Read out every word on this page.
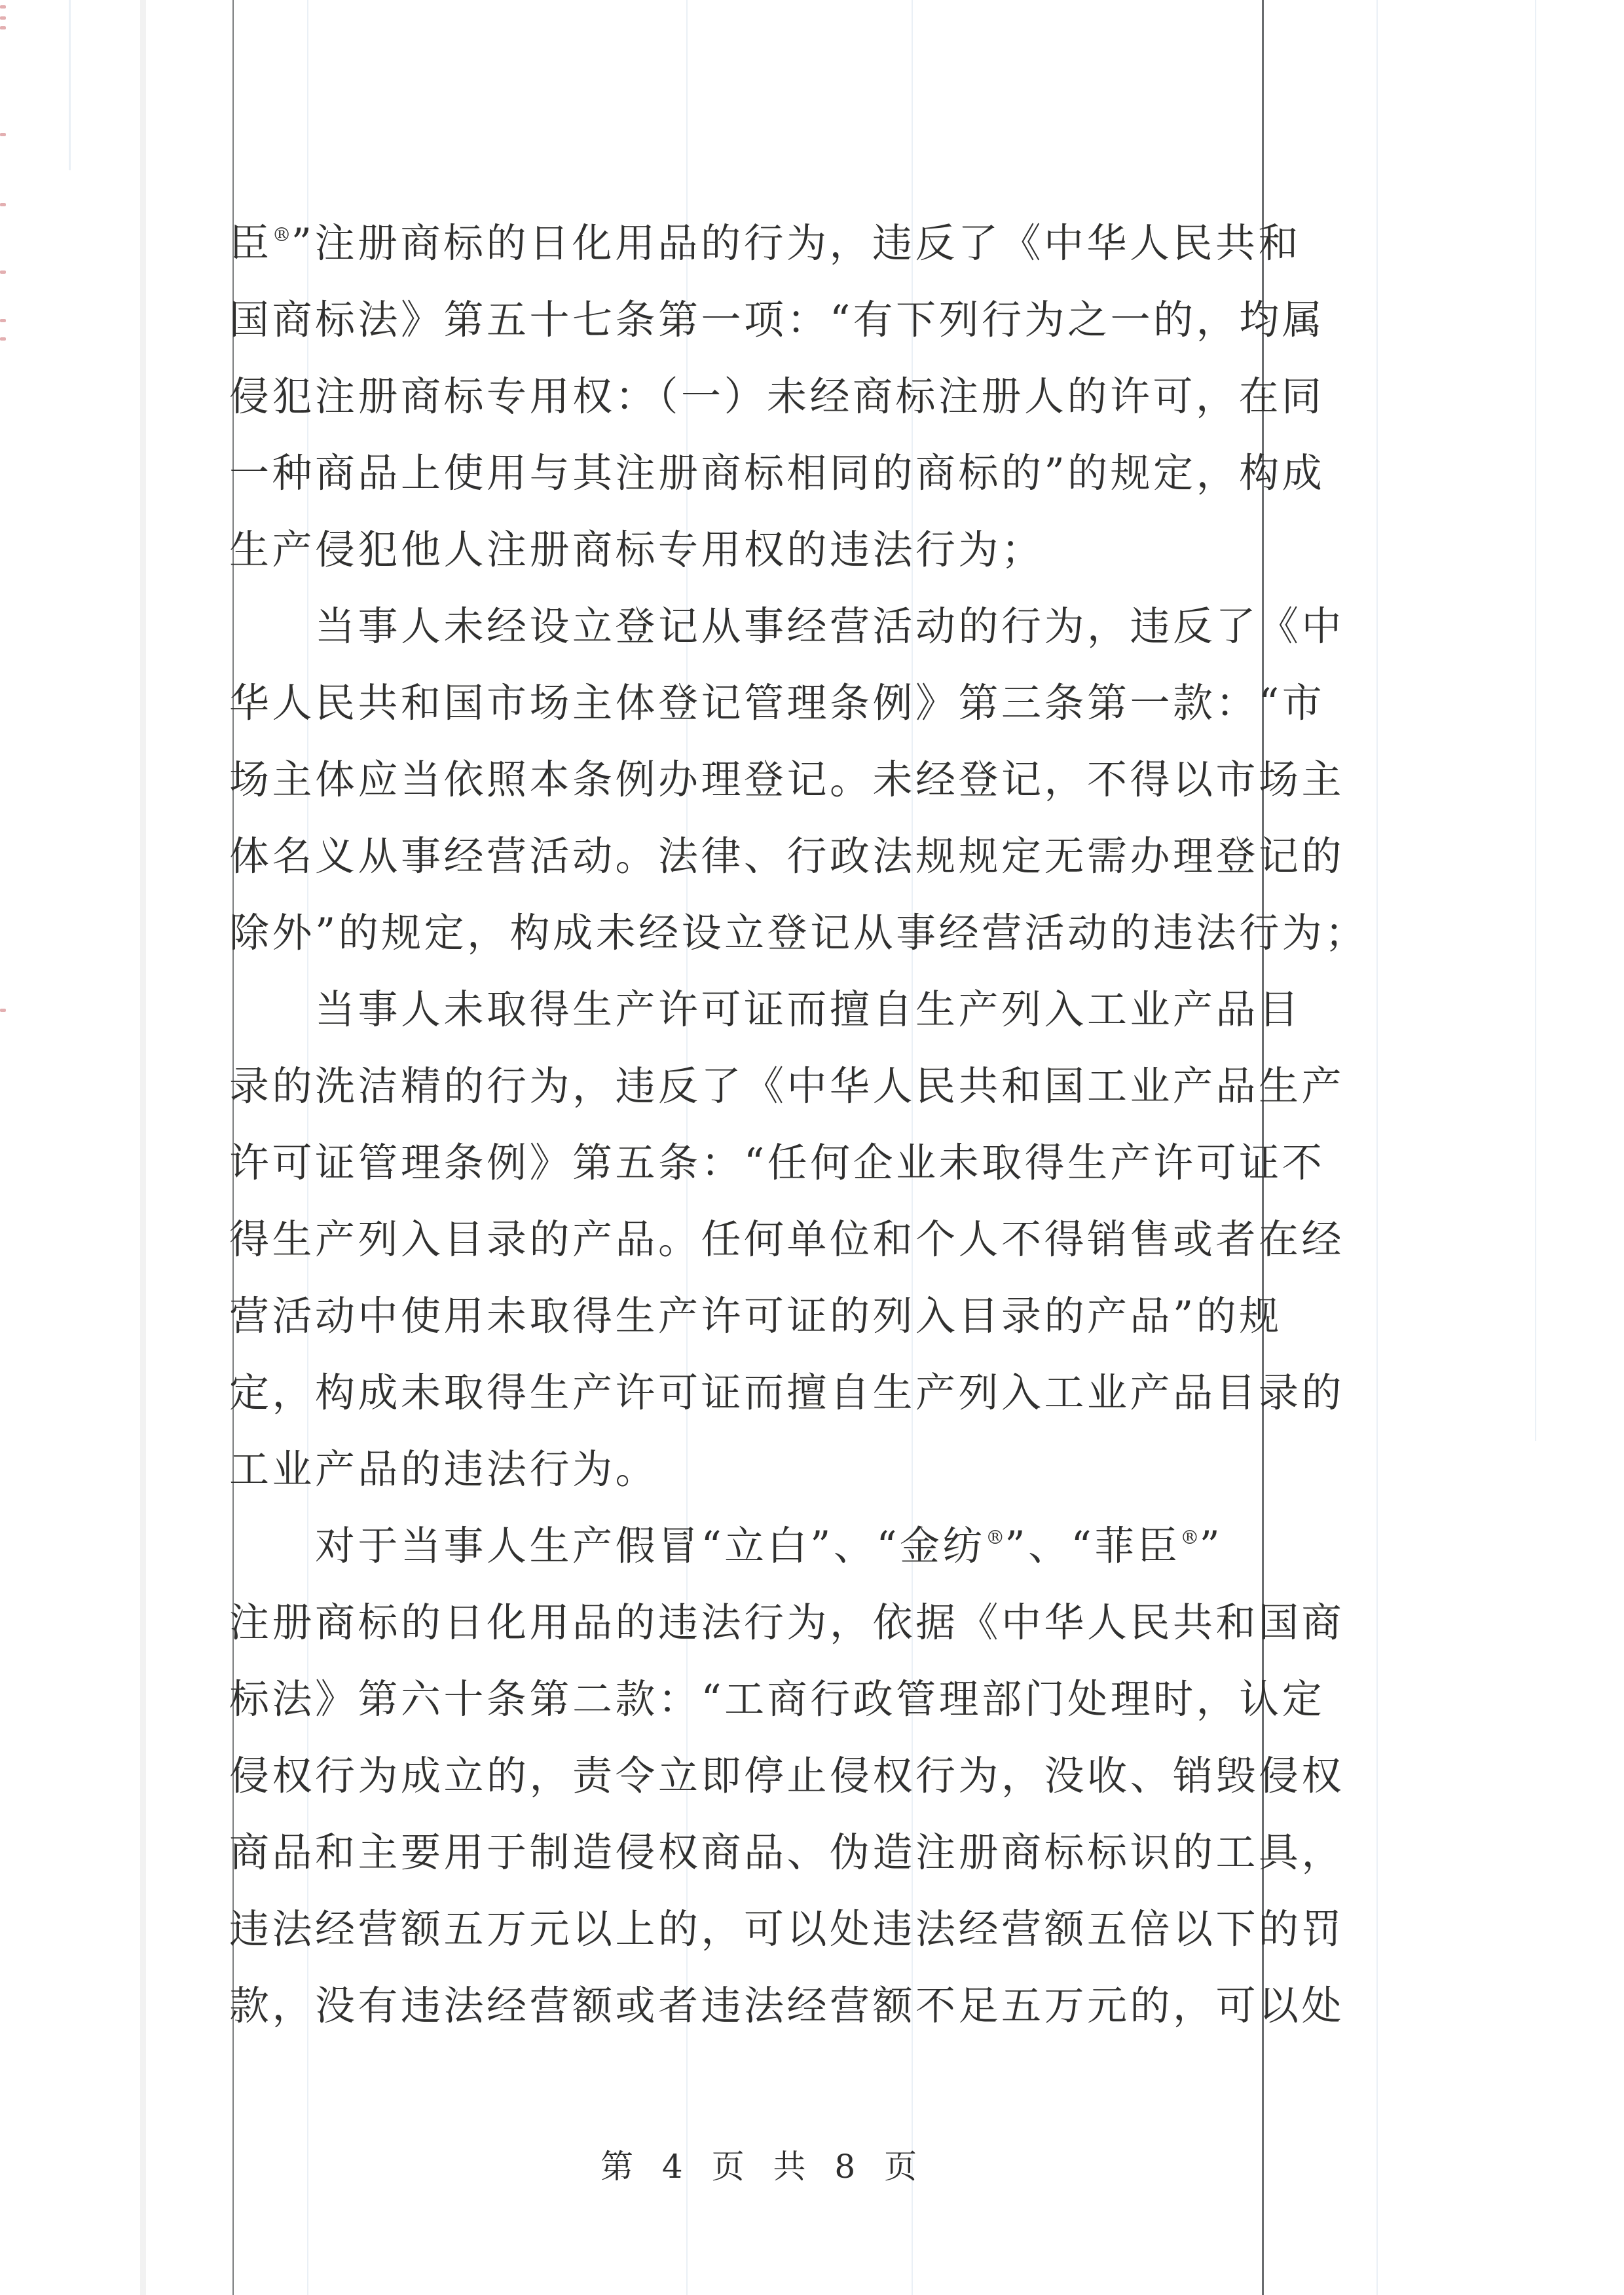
臣®”注册商标的日化用品的行为，违反了《中华人民共和
国商标法》第五十七条第一项：“有下列行为之一的，均属
侵犯注册商标专用权：（一）未经商标注册人的许可，在同
一种商品上使用与其注册商标相同的商标的”的规定，构成
生产侵犯他人注册商标专用权的违法行为；
当事人未经设立登记从事经营活动的行为，违反了《中
华人民共和国市场主体登记管理条例》第三条第一款：“市
场主体应当依照本条例办理登记。未经登记，不得以市场主
体名义从事经营活动。法律、行政法规规定无需办理登记的
除外”的规定，构成未经设立登记从事经营活动的违法行为；
当事人未取得生产许可证而擅自生产列入工业产品目
录的洗洁精的行为，违反了《中华人民共和国工业产品生产
许可证管理条例》第五条：“任何企业未取得生产许可证不
得生产列入目录的产品。任何单位和个人不得销售或者在经
营活动中使用未取得生产许可证的列入目录的产品”的规
定，构成未取得生产许可证而擅自生产列入工业产品目录的
工业产品的违法行为。
对于当事人生产假冒“立白”、“金纺®”、“菲臣®”
注册商标的日化用品的违法行为，依据《中华人民共和国商
标法》第六十条第二款：“工商行政管理部门处理时，认定
侵权行为成立的，责令立即停止侵权行为，没收、销毁侵权
商品和主要用于制造侵权商品、伪造注册商标标识的工具，
违法经营额五万元以上的，可以处违法经营额五倍以下的罚
款，没有违法经营额或者违法经营额不足五万元的，可以处
第 4 页 共 8 页
